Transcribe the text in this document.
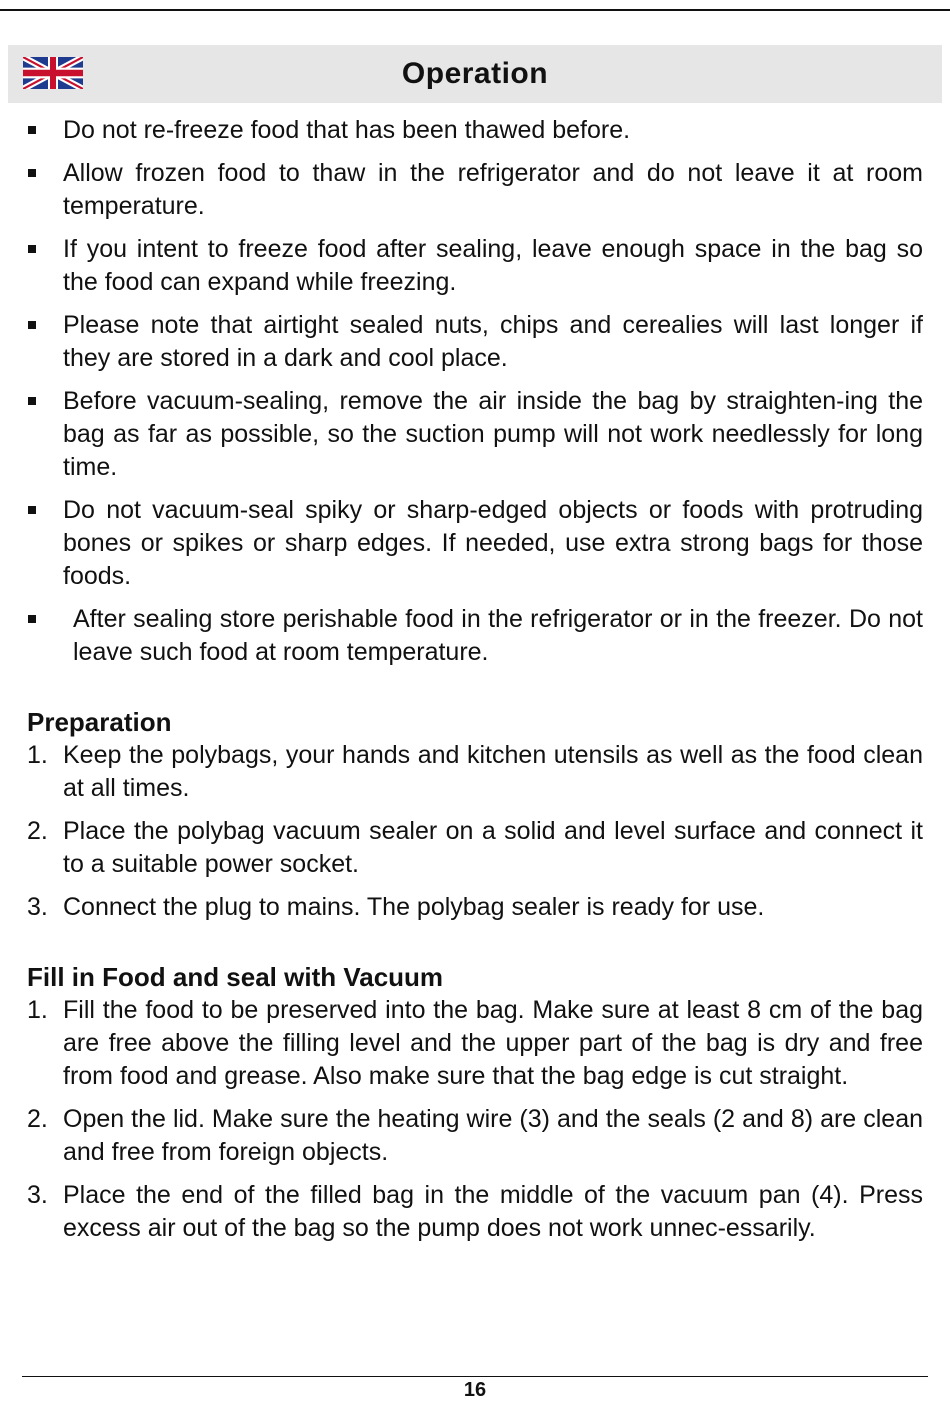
Operation
Do not re-freeze food that has been thawed before.
Allow frozen food to thaw in the refrigerator and do not leave it at room temperature.
If you intent to freeze food after sealing, leave enough space in the bag so the food can expand while freezing.
Please note that airtight sealed nuts, chips and cerealies will last longer if they are stored in a dark and cool place.
Before vacuum-sealing, remove the air inside the bag by straighten-ing the bag as far as possible, so the suction pump will not work needlessly for long time.
Do not vacuum-seal spiky or sharp-edged objects or foods with protruding bones or spikes or sharp edges. If needed, use extra strong bags for those foods.
After sealing store perishable food in the refrigerator or in the freezer. Do not leave such food at room temperature.
Preparation
1. Keep the polybags, your hands and kitchen utensils as well as the food clean at all times.
2. Place the polybag vacuum sealer on a solid and level surface and connect it to a suitable power socket.
3. Connect the plug to mains. The polybag sealer is ready for use.
Fill in Food and seal with Vacuum
1. Fill the food to be preserved into the bag. Make sure at least 8 cm of the bag are free above the filling level and the upper part of the bag is dry and free from food and grease. Also make sure that the bag edge is cut straight.
2. Open the lid. Make sure the heating wire (3) and the seals (2 and 8) are clean and free from foreign objects.
3. Place the end of the filled bag in the middle of the vacuum pan (4). Press excess air out of the bag so the pump does not work unnec-essarily.
16
